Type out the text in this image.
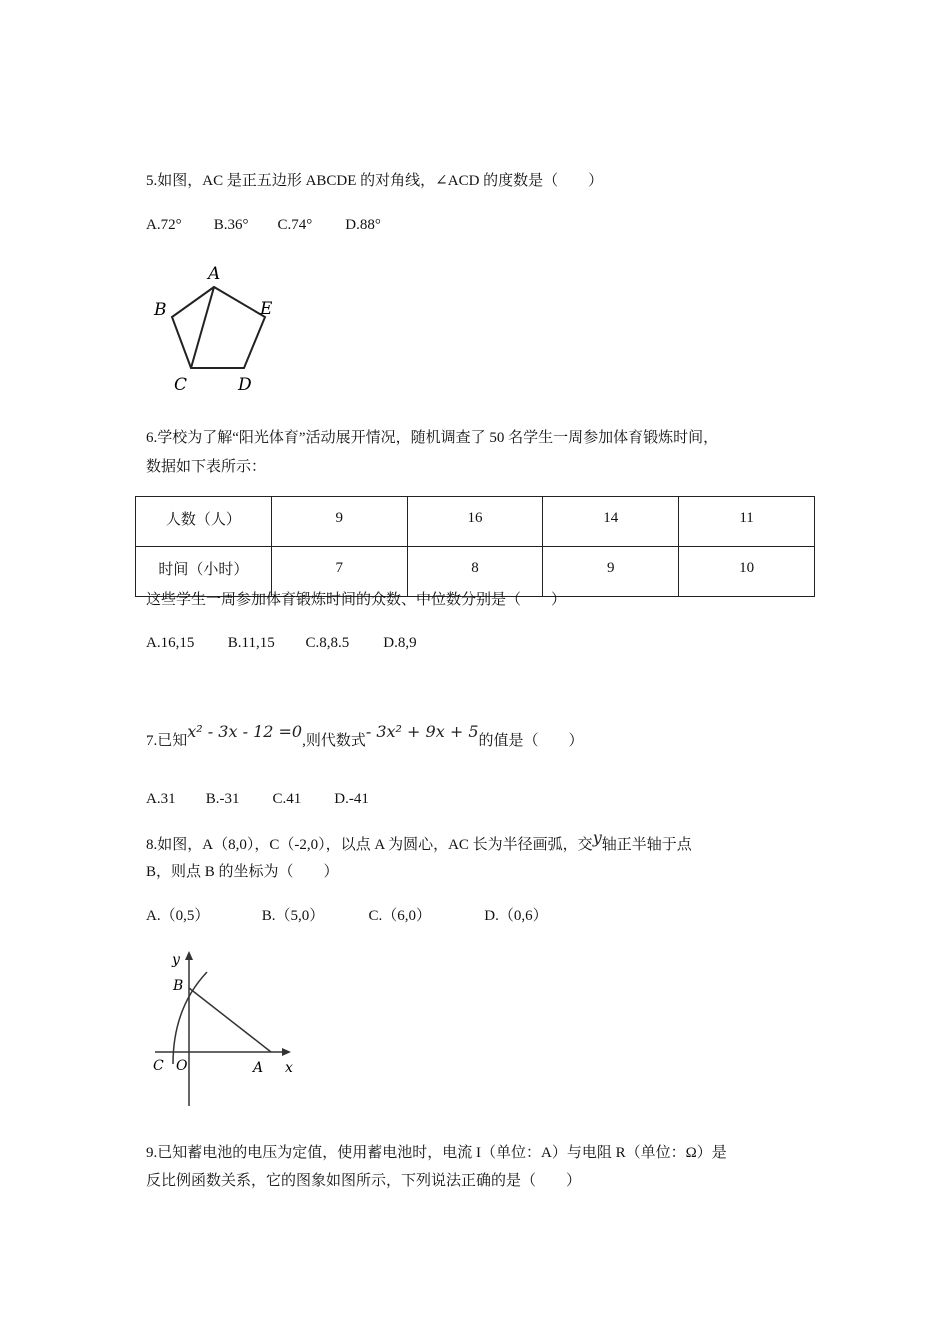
5.如图，AC 是正五边形 ABCDE 的对角线，∠ACD 的度数是（　　）
A.72° B.36° C.74° D.88°
A
B	E
C	D
6.学校为了解“阳光体育”活动展开情况，随机调查了 50 名学生一周参加体育锻炼时间，
数据如下表所示：
人数（人）	9	16	14	11
时间（小时）	7	8	9	10
这些学生一周参加体育锻炼时间的众数、中位数分别是（　　）
A.16,15 B.11,15 C.8,8.5 D.8,9
7.已知x² - 3x - 12 =0,则代数式- 3x² + 9x + 5的值是（　　）
A.31 B.-31 C.41 D.-41
8.如图，A（8,0），C（-2,0），以点 A 为圆心，AC 长为半径画弧，交y轴正半轴于点
B，则点 B 的坐标为（　　）
A.（0,5）	B.（5,0）	C.（6,0）	D.（0,6）
y
B
C O	A x
9.已知蓄电池的电压为定值，使用蓄电池时，电流 I（单位：A）与电阻 R（单位：Ω）是
反比例函数关系，它的图象如图所示，下列说法正确的是（　　）
